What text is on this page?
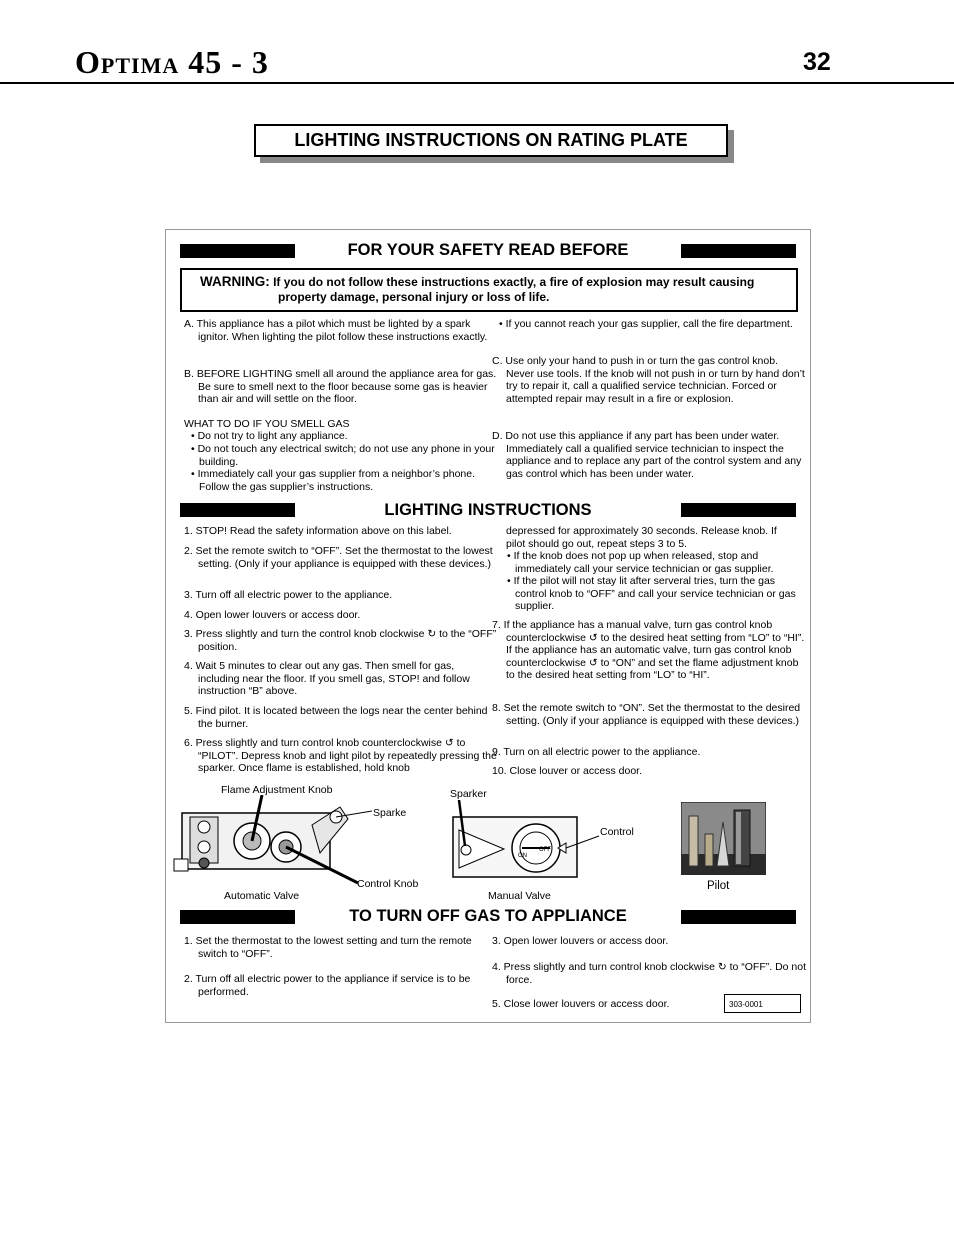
Optima 45 - 3	32
LIGHTING INSTRUCTIONS ON RATING PLATE
FOR YOUR SAFETY READ BEFORE
WARNING: If you do not follow these instructions exactly, a fire of explosion may result causing
property damage, personal injury or loss of life.
A. This appliance has a pilot which must be lighted by a spark ignitor. When lighting the pilot follow these instructions exactly.
B. BEFORE LIGHTING smell all around the appliance area for gas. Be sure to smell next to the floor because some gas is heavier than air and will settle on the floor.
WHAT TO DO IF YOU SMELL GAS
• Do not try to light any appliance.
• Do not touch any electrical switch; do not use any phone in your building.
• Immediately call your gas supplier from a neighbor’s phone. Follow the gas supplier’s instructions.
• If you cannot reach your gas supplier, call the fire department.
C. Use only your hand to push in or turn the gas control knob. Never use tools. If the knob will not push in or turn by hand don’t try to repair it, call a qualified service technician. Forced or attempted repair may result in a fire or explosion.
D. Do not use this appliance if any part has been under water. Immediately call a qualified service technician to inspect the appliance and to replace any part of the control system and any gas control which has been under water.
LIGHTING INSTRUCTIONS
1. STOP! Read the safety information above on this label.
2. Set the remote switch to “OFF”. Set the thermostat to the lowest setting. (Only if your appliance is equipped with these devices.)
3. Turn off all electric power to the appliance.
4. Open lower louvers or access door.
3. Press slightly and turn the control knob clockwise ↻ to the “OFF” position.
4. Wait 5 minutes to clear out any gas. Then smell for gas, including near the floor. If you smell gas, STOP! and follow instruction “B” above.
5. Find pilot. It is located between the logs near the center behind the burner.
6. Press slightly and turn control knob counterclockwise ↺ to “PILOT”. Depress knob and light pilot by repeatedly pressing the sparker. Once flame is established, hold knob
depressed for approximately 30 seconds. Release knob. If pilot should go out, repeat steps 3 to 5.
• If the knob does not pop up when released, stop and immediately call your service technician or gas supplier.
• If the pilot will not stay lit after serveral tries, turn the gas control knob to “OFF” and call your service technician or gas supplier.
7. If the appliance has a manual valve, turn gas control knob counterclockwise ↺ to the desired heat setting from “LO” to “HI”. If the appliance has an automatic valve, turn gas control knob counterclockwise ↺ to “ON” and set the flame adjustment knob to the desired heat setting from “LO” to “HI”.
8. Set the remote switch to “ON”. Set the thermostat to the desired setting. (Only if your appliance is equipped with these devices.)
9. Turn on all electric power to the appliance.
10. Close louver or access door.
Flame Adjustment Knob
Sparke
Control Knob
Automatic Valve
Sparker
Control
Manual Valve
Pilot
OFF
ON
TO TURN OFF GAS TO APPLIANCE
1. Set the thermostat to the lowest setting and turn the remote switch to “OFF”.
2. Turn off all electric power to the appliance if service is to be performed.
3. Open lower louvers or access door.
4. Press slightly and turn control knob clockwise ↻ to “OFF”. Do not force.
5. Close lower louvers or access door.	303-0001
